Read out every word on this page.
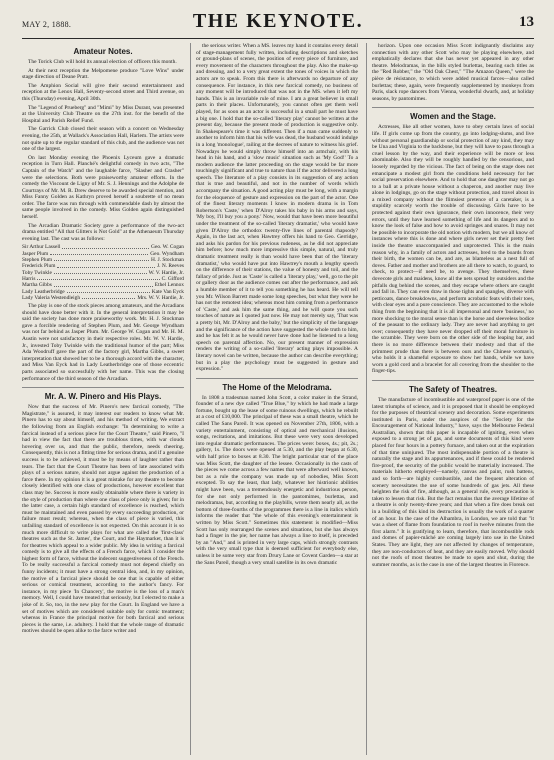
MAY 2, 1888.	THE KEYNOTE.	13
Amateur Notes.

The Torick Club will hold its annual election of officers this month.

At their next reception the Melpomene produce "Love Wins" under stage direction of Deane Pratt.

The Amphion Social will give their second entertainment and reception at the Lenox Hall, Seventy-second street and Third avenue, on this (Thursday) evening, April 30th.

The "Legend of Prueberg" and "Mimi" by Miss Durant, was presented at the University Club Theatre on the 27th inst. for the benefit of the Hospital and Parish Relief Fund.

The Garrick Club closed their season with a concert on Wednesday evening, the 25th, at Wallack's Association Hall, Harlem. The artists were not quite up to the regular standard of this club, and the audience was not one of the largest.

On last Monday evening the Phoenix Lyceum gave a dramatic reception in Turn Hall. Planché's delightful comedy in two acts, "The Captain of the Watch" and the laughable farce, "Slasher and Crasher" were the selections. Both were praiseworthy amateur efforts. In the comedy the Viscount de Ligny of Mr. S. J. Hennings and the Adolphe de Courtrays of Mr. M. R. Drew deserve to be awarded special mention, and Miss Fanny Golden as Kathryn proved herself a soubrette of no mean order. The farce was run through with commendable dash by almost the same people involved in the comedy. Miss Golden again distinguished herself.

The Arcadian Dramatic Society gave a performance of the two-act drama entitled "All that Glitters is Not Gold" at the Athenaeum Thursday evening last. The cast was as follows:

Sir Arthur Lassell	Geo. W. Cogan
Jasper Plum	Geo. Wyndham
Stephen Plum	H. J. Stockman
Frederick Plum	J. N. Reeves
Toby Twinkle	W. V. Hardie, Jr.
Harris	C. Gifford
Martha Gibbs	Ethel Lennox
Lady Leatherbridge	Kate Van Eyck
Lady Valeria Westendleigh	Mrs. W. V. Hardie, Jr.

The play is one of the stock pieces among amateurs, and the Arcadians should have done better with it. In the general interpretation it may be said the society has done more praiseworthy work. Mr. H. J. Stockman gave a forcible rendering of Stephen Plum, and Mr. George Wyndham was not far behind as Jasper Plum. Mr. George W. Cogan and Mr. H. M. Austin were not satisfactory in their respective roles. Mr. W. V. Hardie, Jr., invested Toby Twinkle with the traditional humor of the part; Miss Ada Woodruff gave the part of the factory girl, Martha Gibbs, a sweet interpretation that showed her to be a thorough accord with the character, and Miss Van Eyck had in Lady Leatherbridge one of those eccentric parts associated so successfully with her name. This was the closing performance of the third season of the Arcadian.

Mr. A. W. Pinero and His Plays.

Now that the success of Mr. Pinero's new farcical comedy, "The Magistrate," is assured, it may interest our readers to know what Mr. Pinero has to say about himself, and his method of writing. We extract the following from an English exchange: "In determining to write a farcical instead of a serious piece for the Court Theatre," said Pinero, "I had in view the fact that there are troublous times, with war clouds hovering over us, and that the public, therefore, needs cheering. Consequently, this is not a fitting time for serious drama, and if a genuine success is to be achieved, it must be by means of laughter rather than tears. The fact that the Court Theatre has been of late associated with plays of a serious nature, should not argue against the production of a farce there. In my opinion it is a great mistake for any theatre to become closely identified with one class of productions, however excellent that class may be. Success is more easily obtainable where there is variety in the style of production than where one class of piece only is given; for in the latter case, a certain high standard of excellence is reached, which must be maintained and even passed by every succeeding production, or failure must result; whereas, when the class of piece is varied, this unfailing standard of excellence is not expected. On this account it is so much more difficult to write plays for what are called the 'first-class' theatres such as the St. James', the Court, and the Haymarket, than it is for theatres which appeal to a wider public. My idea in writing a farcical comedy is to give all the effects of a French farce, which I consider the highest form of farce, without the indecent suggestiveness of the French. To be really successful a farcical comedy must not depend chiefly on funny incidents; it must have a strong central idea, and, in my opinion, the motive of a farcical piece should be one that is capable of either serious or comical treatment, according to the author's fancy. For instance, in my piece 'In Chancery', the motive is the loss of a man's memory. Well, I could have treated that seriously, but I elected to make a joke of it. So, too, in the new play for the Court. In England we have a set of motives which are considered suitable only for comic treatment; whereas in France the principal motive for both farcical and serious pieces is the same, i.e. adultery. I hold that the whole range of dramatic motives should be open alike to the farce writer and

the serious writer. When a MS. leaves my hand it contains every detail of stage-management fully written, including descriptions and sketches or ground-plans of scenes, the position of every piece of furniture, and every movement of the characters throughout the play. Also the make-up and dressing, and to a very great extent the tones of voices in which the actors are to speak. From this there is afterwards no departure of any consequence. For instance, in this new farcical comedy, no business of any moment will be introduced that was not in the MS. when it left my hands. This is an invariable rule of mine. I am a great believer in small parts in their places. Unfortunately, you cannot often get them well played, for as soon as an actor is successful in a small part he must have a big one. I hold that the so-called 'literary play' cannot be written at the present day, because the present mode of production is suggestive only. In Shakespeare's time it was different. Then if a man came suddenly to another to inform him that his wife was dead, the husband would indulge in a long 'monologue', railing at the decrees of nature to witness his grief. Nowadays he would simply throw himself into an armchair, with his head in his hand, and a 'slow music' situation such as 'My God!' To a modern audience the latter proceeding on the stage would be far more touchingly significant and true to nature than if the actor delivered a long speech. The literature of a play consists in its suggestion of any action that is true and beautiful, and not in the number of words which accompany the situation. A good acting play must be long, with a margin for the eloquence of gesture and expression on the part of the actor. One of the finest literary moments I know in modern drama is in Tom Robertson's 'Caste,' when D'Alroy takes his baby in his arms and says, 'My boy, I'll buy you a pony.' Now, would that have been more beautiful under the treatment of the so-called 'literary dramatist,' who would have given D'Alroy the orthodox twenty-five lines of parental rhapsody? Again, in the last act, when Hawtrey offers his hand to Geo. Gerridge, and asks his pardon for his previous rudeness, as he did not appreciate him before; how much more impressive this simple, natural, and truly dramatic treatment really is than would have been that of the 'literary dramatist,' who would have put into Hawtrey's mouth a lengthy speech on the difference of their stations, the value of honesty and toil, and the fallacy of pride. Just as 'Caste' is called a 'literary play,' well, go to the pit or gallery door as the audience comes out after the performance, and ask a humble member of it to tell you something he has heard. He will tell you Mr. Wilson Barrett made some long speeches, but what they were he has not the remotest idea; whereas most him coming from a performance of 'Caste,' and ask him the same thing, and he will quote you such touches of nature as I quoted just now. He may not merely say, 'That was a pretty bit, Mr. D'Alroy and the baby,' but the simplicity of the language and the significance of the action have suggested the whole truth to him, and he has felt it as he would never have done had he listened to a long speech on parental affection. No, our present manner of expression renders the writing of a so-called 'literary' acting plays impossible. A literary novel can be written, because the author can describe everything; but in a play the psychology must be suggested in gesture and expression."

The Home of the Melodrama.

In 1808 a tradesman named John Scott, a color maker in the Strand, founder of a new dye called "True Blue," by which he had made a large fortune, bought up the lease of some ruinous dwellings, which he rebuilt at a cost of £10,000. The principal of these was a small theatre, which he called The Sans Pareil. It was opened on November 27th, 1806, with a variety entertainment, consisting of optical and mechanical illusions, songs, recitations, and imitations. But these were very soon developed into regular dramatic performances. The prices were: boxes, 4s.; pit, 2s.; gallery, 1s. The doors were opened at 5.30, and the play began at 6.30, with half price to boxes at 8.30. The bright particular star of the place was Miss Scott, the daughter of the lessee. Occasionally in the casts of the pieces we come across a few names that were afterward well known, but as a rule the company was made up of nobodies, Miss Scott excepted. To say the least, that lady, whatever her histrionic abilities might have been, was a tremendously energetic and industrious person, for she not only performed in the pantomimes, burlettas, and melodramas, but, according to the playbills, wrote them nearly all, as the bottom of three-fourths of the programmes there is a line in italics which informs the reader that "the whole of this evening's entertainment is written by Miss Scott." Sometimes this statement is modified—Miss Scott has only rearranged the scenes and situations, but she has always had a finger in the pie; her name has always a line to itself, is preceded by an "And," and is printed in very large caps, which strongly contrasts with the very small type that is deemed sufficient for everybody else, unless it be some very star from Drury Lane or Covent Garden—a star at the Sans Pareil, though a very small satellite in its own dramatic

horizon. Upon one occasion Miss Scott indignantly disclaims any connection with any other Scott who may be playing elsewhere, and emphatically declares that she has never yet appeared in any other theatre. Melodramas, in the bills styled burlettas, bearing such titles as the "Red Robber," the "Old Oak Chest," "The Amazon Queen," were the pièce de résistance, to which were added musical farces—also called burlettas; these, again, were frequently supplemented by monkeys from Paris, slack rope dancers from Vienna, wonderful dwarfs, and, at holiday seasons, by pantomimes.

Women and the Stage.

Actresses, like all other women, have to obey certain laws of social life. If girls come up from the country, go into lodging-slums, and live without personal guardianship or social protection of any kind, they may be Una and Virginia to the backbone, but they will have to pass through a cruel lesson by the way, and their experience will be more or less abominable. Also they will be roughly handled by the censorious, and loosely regarded by the vicious. The fact of being on the stage does not emancipate a modest girl from the conditions held necessary for her social preservation elsewhere. And to hold that one daughter may not go to a ball at a private house without a chaperon, and another may live alone in lodgings, go on the stage without protection, and travel about in a mixed company without the flimsiest pretence of a caretaker, is a stupidity scarcely worth the trouble of discussing. Girls have to be protected against their own ignorance, their own innocence, their very errors, until they have learned something of life and its dangers and to know the look of false and how to avoid springes and snares. It may not be possible to incorporate the old notion with modern, but we all know of instances where this is done and where girls never set their pretty feet inside the theatre unaccompanied and unprotected. This is the main reason why, in a family of actors and actresses, bred to the boards from their birth, the women can be, and are, as blameless as a nest full of doves. Father and mother and brothers are all there to watch, to guard, to check, to protect—if need be, to avenge. They themselves, these dovecote girls and maidens, know all the nets spread by outsiders and the pitfalls dug behind the scenes, and they escape where others are caught and fall in. They can even draw in those tights and spangles, diverse with petticoats, dance breakdowns, and perform acrobatic feats with their toes, with clear eyes and a pure conscience. They are accustomed to the whole thing from the beginning that it is all impersonal and mere 'business,' no more shocking to the moral sense than is the horse and sleeveless bodice of the peasant to the ordinary lady. They are never had anything to get over; consequently they have never dropped off their moral furniture in the scramble. They were born on the other side of the leaping bar, and there is no more difference between their modesty and that of the primmest prude than there is between ours and the Chinese woman's, who holds it a shameful exposure to show her hands, while we have worn a gold cord and a bracelet for all covering from the shoulder to the finger-tips.

The Safety of Theatres.

The manufacture of incombustible and waterproof paper is one of the latest triumphs of science, and it is proposed that it should be employed for the purposes of theatrical scenery and decoration. Some experiments instituted in Paris, under the auspices of the "Society for the Encouragement of National Industry," have, says the Melbourne Federal Australian, shown that this paper is incapable of igniting, even when exposed to a strong jet of gas, and some documents of this kind were placed for four hours in a pottery furnace, and taken out at the expiration of that time uninjured. The most indispensable portion of a theatre is naturally the stage and its appurtenances, and if these could be rendered fire-proof, the security of the public would be materially increased. The materials hitherto employed—namely, canvas and paint, rush battens, and so forth—are highly combustible, and the frequent alteration of scenery necessitates the use of some hundreds of gas jets. All these heighten the risk of fire, although, as a general rule, every precaution is taken to lessen that risk. But the fact remains that the average lifetime of a theatre is only twenty-three years; and that when a fire does break out in a building of this kind its destruction is usually the work of a quarter of an hour. In the case of the Alhambra, in London, we are told that "it was a sheet of flame from foundation to roof in twelve minutes from the first alarm." It is gratifying to learn, therefore, that incombustible rods and domes of papier-mâché are coming largely into use in the United States. They are light, they are not affected by changes of temperature, they are non-conductors of heat, and they are easily moved. Why should not the roofs of most theatres be made to open and shut, during the summer months, as is the case in one of the largest theatres in Florence.
